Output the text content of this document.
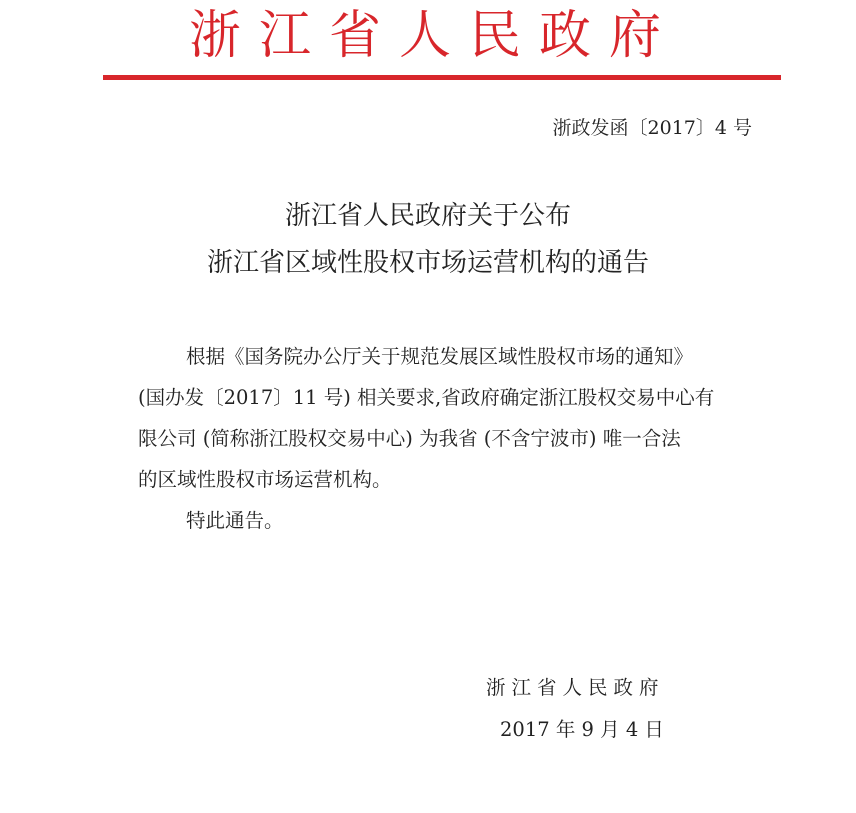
浙江省人民政府
浙政发函〔2017〕4 号
浙江省人民政府关于公布
浙江省区域性股权市场运营机构的通告
根据《国务院办公厅关于规范发展区域性股权市场的通知》
(国办发〔2017〕11 号) 相关要求,省政府确定浙江股权交易中心有
限公司 (简称浙江股权交易中心) 为我省 (不含宁波市) 唯一合法
的区域性股权市场运营机构。
特此通告。
浙江省人民政府
2017 年 9 月 4 日
